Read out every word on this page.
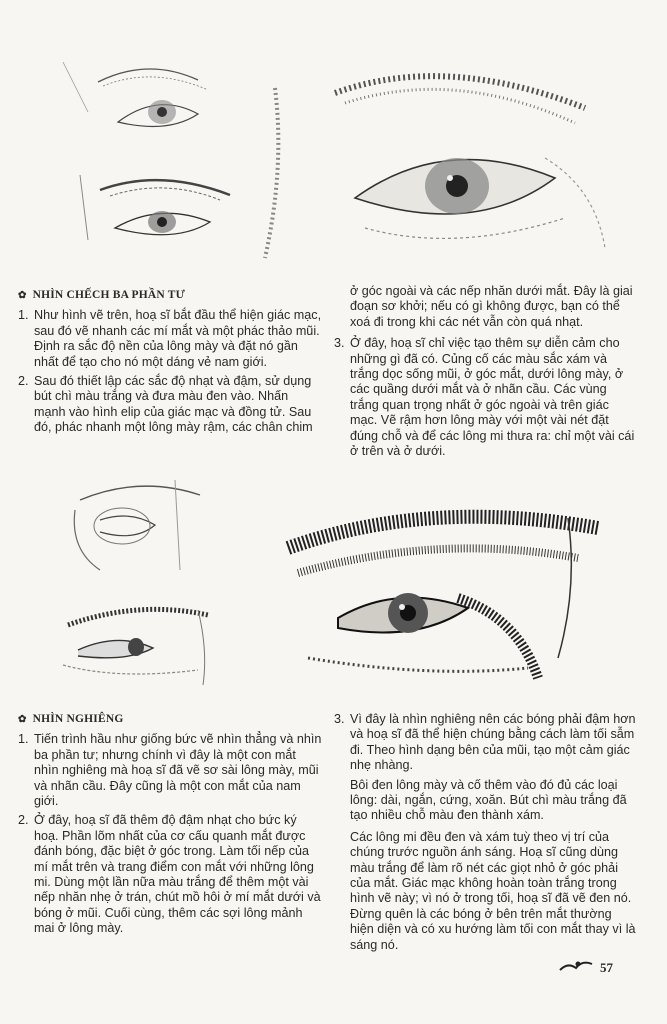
✿ NHÌN CHẾCH BA PHẦN TƯ
1. Như hình vẽ trên, hoạ sĩ bắt đầu thể hiện giác mạc, sau đó vẽ nhanh các mí mắt và một phác thảo mũi. Định ra sắc độ nền của lông mày và đặt nó gần nhất để tạo cho nó một dáng vẻ nam giới.
2. Sau đó thiết lập các sắc độ nhạt và đậm, sử dụng bút chì màu trắng và đưa màu đen vào. Nhấn mạnh vào hình elip của giác mạc và đồng tử. Sau đó, phác nhanh một lông mày rậm, các chân chim
ở góc ngoài và các nếp nhăn dưới mắt. Đây là giai đoạn sơ khởi; nếu có gì không được, bạn có thể xoá đi trong khi các nét vẫn còn quá nhạt.
3. Ở đây, hoạ sĩ chỉ việc tạo thêm sự diễn cảm cho những gì đã có. Củng cố các màu sắc xám và trắng dọc sống mũi, ở góc mắt, dưới lông mày, ở các quầng dưới mắt và ở nhãn cầu. Các vùng trắng quan trọng nhất ở góc ngoài và trên giác mạc. Vẽ rậm hơn lông mày với một vài nét đặt đúng chỗ và để các lông mi thưa ra: chỉ một vài cái ở trên và ở dưới.
✿ NHÌN NGHIÊNG
1. Tiến trình hầu như giống bức vẽ nhìn thẳng và nhìn ba phần tư; nhưng chính vì đây là một con mắt nhìn nghiêng mà hoạ sĩ đã vẽ sơ sài lông mày, mũi và nhãn cầu. Đây cũng là một con mắt của nam giới.
2. Ở đây, hoạ sĩ đã thêm độ đậm nhạt cho bức ký hoạ. Phần lõm nhất của cơ cấu quanh mắt được đánh bóng, đặc biệt ở góc trong. Làm tối nếp của mí mắt trên và trang điểm con mắt với những lông mi. Dùng một lần nữa màu trắng để thêm một vài nếp nhăn nhẹ ở trán, chút mồ hôi ở mí mắt dưới và bóng ở mũi. Cuối cùng, thêm các sợi lông mảnh mai ở lông mày.
3. Vì đây là nhìn nghiêng nên các bóng phải đậm hơn và hoạ sĩ đã thể hiện chúng bằng cách làm tối sẫm đi. Theo hình dạng bên của mũi, tạo một cảm giác nhẹ nhàng.
Bôi đen lông mày và cố thêm vào đó đủ các loại lông: dài, ngắn, cứng, xoăn. Bút chì màu trắng đã tạo nhiều chỗ màu đen thành xám.
Các lông mi đều đen và xám tuỳ theo vị trí của chúng trước nguồn ánh sáng. Hoạ sĩ cũng dùng màu trắng để làm rõ nét các giọt nhỏ ở góc phải của mắt. Giác mạc không hoàn toàn trắng trong hình vẽ này; vì nó ở trong tối, hoạ sĩ đã vẽ đen nó. Đừng quên là các bóng ở bên trên mắt thường hiện diện và có xu hướng làm tối con mắt thay vì là sáng nó.
57
